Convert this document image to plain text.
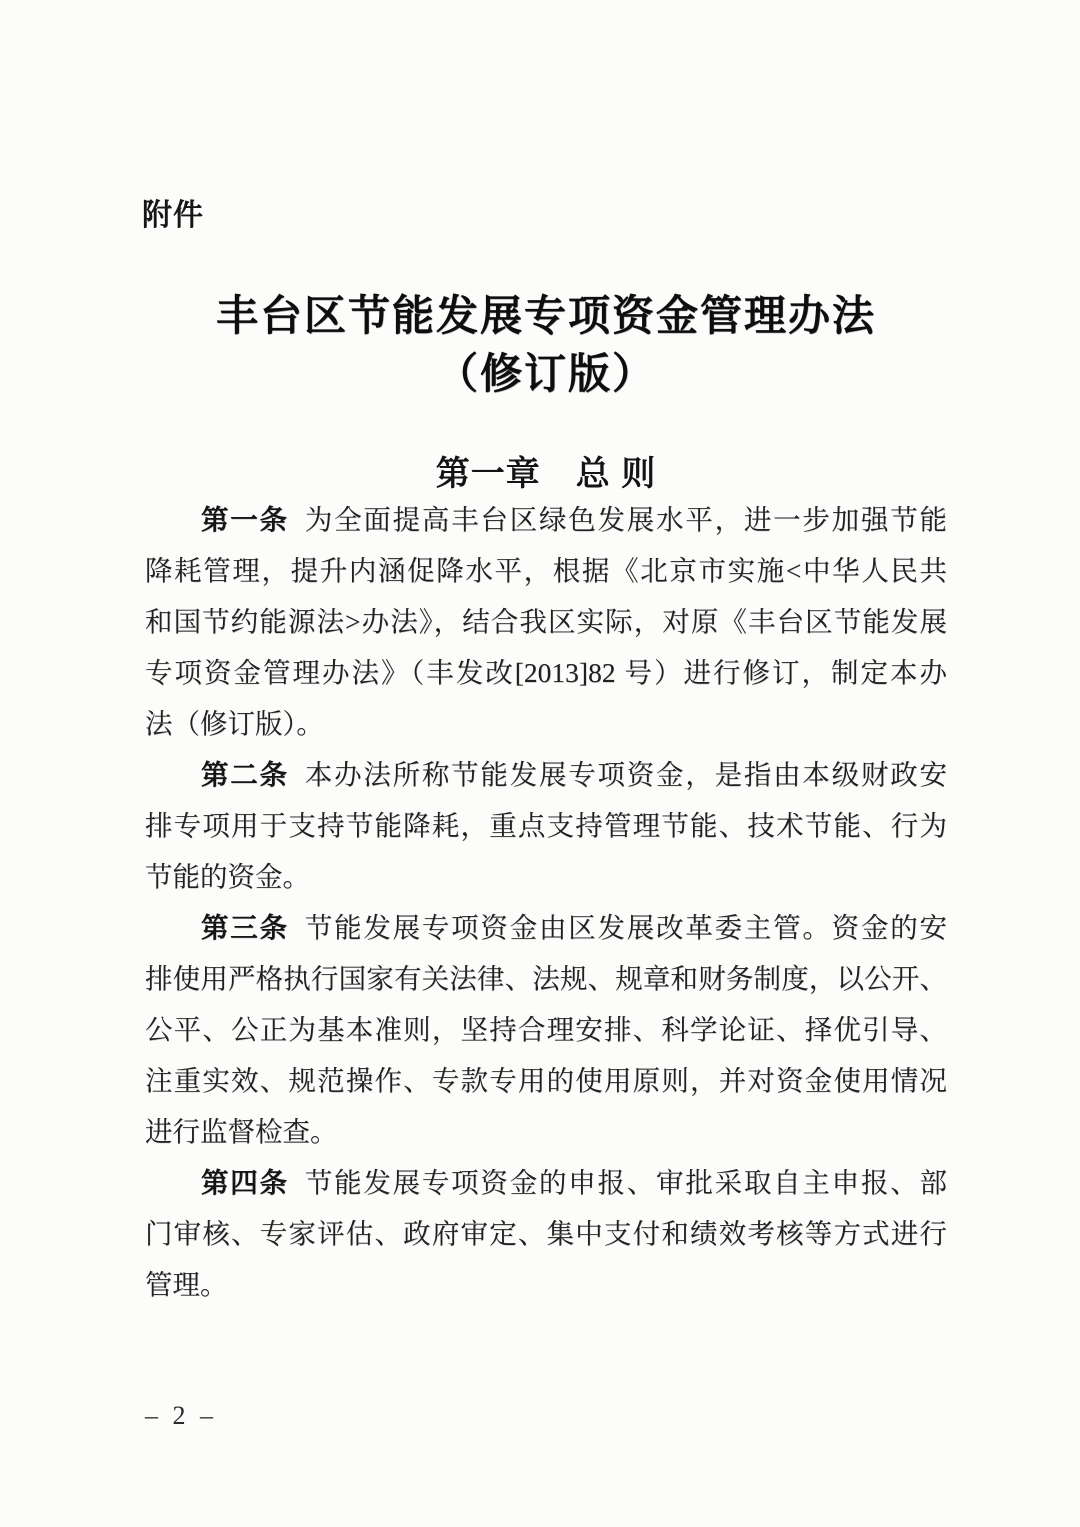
附件
丰台区节能发展专项资金管理办法
（修订版）
第一章　总 则
第一条 为全面提高丰台区绿色发展水平，进一步加强节能
降耗管理，提升内涵促降水平，根据《北京市实施<中华人民共
和国节约能源法>办法》，结合我区实际，对原《丰台区节能发展
专项资金管理办法》（丰发改[2013]82 号）进行修订，制定本办
法（修订版）。
第二条 本办法所称节能发展专项资金，是指由本级财政安
排专项用于支持节能降耗，重点支持管理节能、技术节能、行为
节能的资金。
第三条 节能发展专项资金由区发展改革委主管。资金的安
排使用严格执行国家有关法律、法规、规章和财务制度，以公开、
公平、公正为基本准则，坚持合理安排、科学论证、择优引导、
注重实效、规范操作、专款专用的使用原则，并对资金使用情况
进行监督检查。
第四条 节能发展专项资金的申报、审批采取自主申报、部
门审核、专家评估、政府审定、集中支付和绩效考核等方式进行
管理。
– 2 –
